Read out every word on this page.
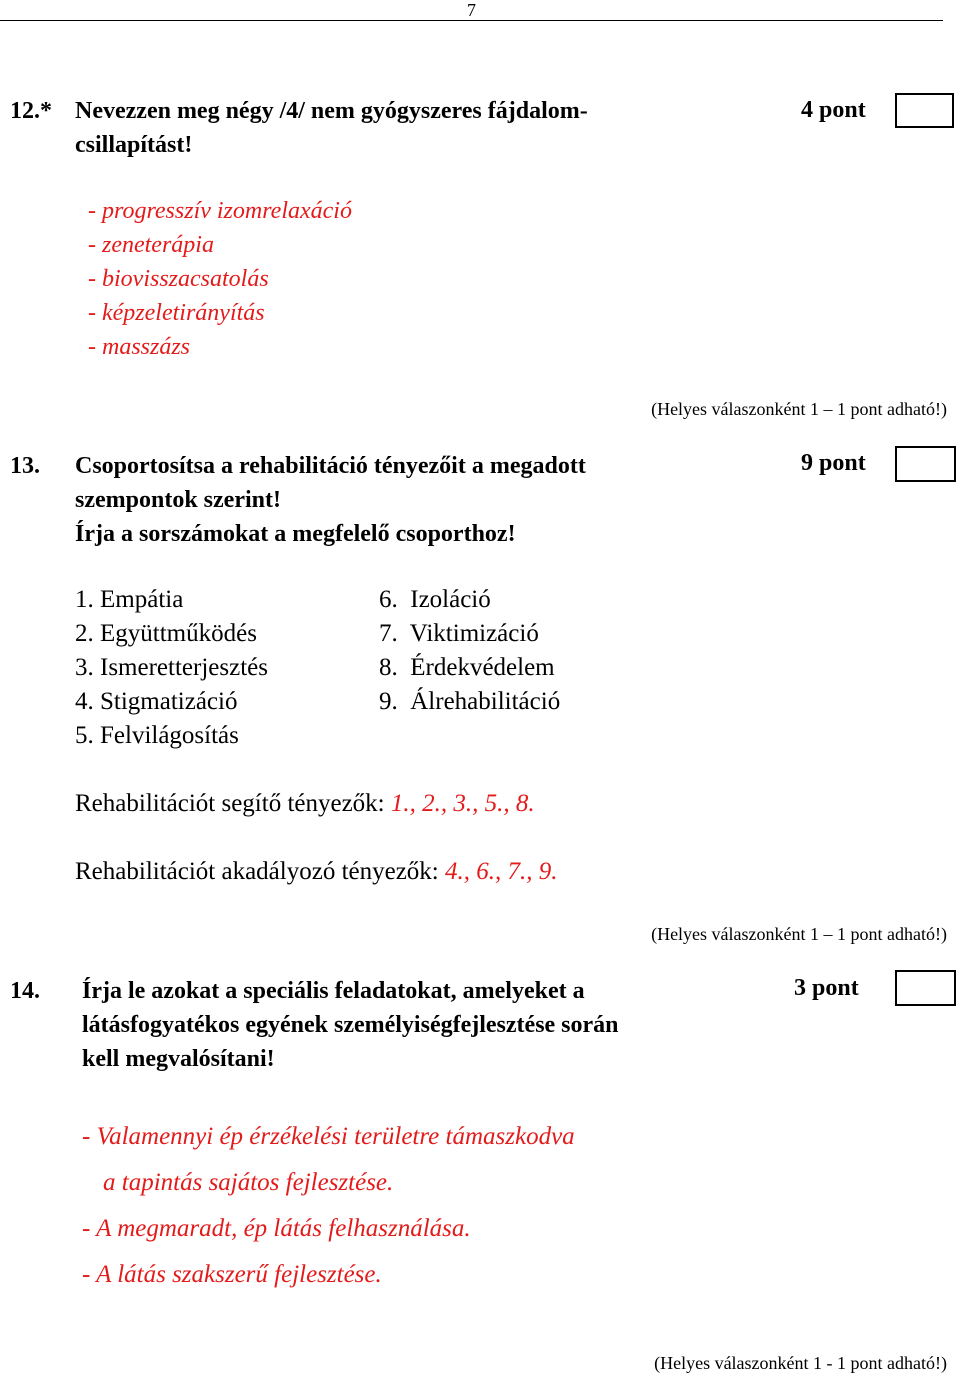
7
12.* Nevezzen meg négy /4/ nem gyógyszeres fájdalom-
csillapítást!
4 pont
- progresszív izomrelaxáció
- zeneterápia
- biovisszacsatolás
- képzeletirányítás
- masszázs
(Helyes válaszonként 1 – 1 pont adható!)
13. Csoportosítsa a rehabilitáció tényezőit a megadott
szempontok szerint!
Írja a sorszámokat a megfelelő csoporthoz!
9 pont
1. Empátia
2. Együttműködés
3. Ismeretterjesztés
4. Stigmatizáció
5. Felvilágosítás
6.  Izoláció
7.  Viktimizáció
8.  Érdekvédelem
9.  Álrehabilitáció
Rehabilitációt segítő tényezők: 1., 2., 3., 5., 8.
Rehabilitációt akadályozó tényezők: 4., 6., 7., 9.
(Helyes válaszonként 1 – 1 pont adható!)
14. Írja le azokat a speciális feladatokat, amelyeket a
látásfogyatékos egyének személyiségfejlesztése során
kell megvalósítani!
3 pont
- Valamennyi ép érzékelési területre támaszkodva
a tapintás sajátos fejlesztése.
- A megmaradt, ép látás felhasználása.
- A látás szakszerű fejlesztése.
(Helyes válaszonként 1 - 1 pont adható!)
